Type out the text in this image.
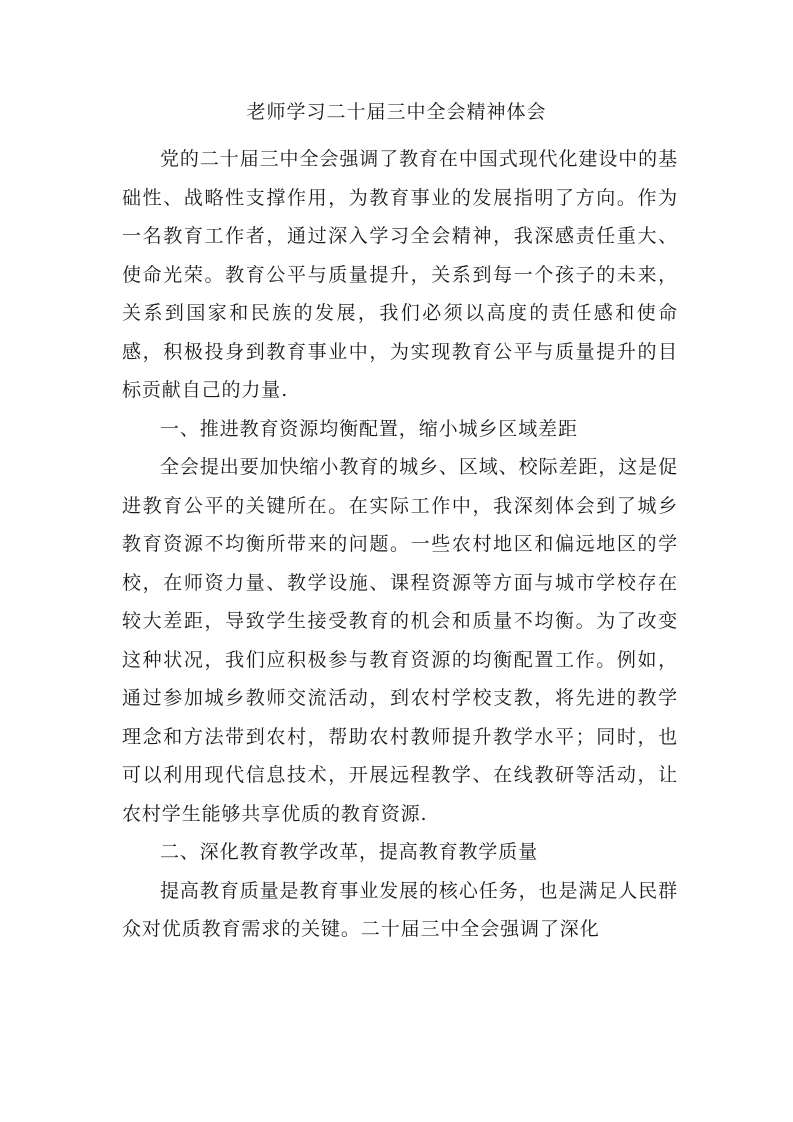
老师学习二十届三中全会精神体会

党的二十届三中全会强调了教育在中国式现代化建设中的基础性、战略性支撑作用，为教育事业的发展指明了方向。作为一名教育工作者，通过深入学习全会精神，我深感责任重大、使命光荣。教育公平与质量提升，关系到每一个孩子的未来，关系到国家和民族的发展，我们必须以高度的责任感和使命感，积极投身到教育事业中，为实现教育公平与质量提升的目标贡献自己的力量.

一、推进教育资源均衡配置，缩小城乡区域差距

全会提出要加快缩小教育的城乡、区域、校际差距，这是促进教育公平的关键所在。在实际工作中，我深刻体会到了城乡教育资源不均衡所带来的问题。一些农村地区和偏远地区的学校，在师资力量、教学设施、课程资源等方面与城市学校存在较大差距，导致学生接受教育的机会和质量不均衡。为了改变这种状况，我们应积极参与教育资源的均衡配置工作。例如，通过参加城乡教师交流活动，到农村学校支教，将先进的教学理念和方法带到农村，帮助农村教师提升教学水平；同时，也可以利用现代信息技术，开展远程教学、在线教研等活动，让农村学生能够共享优质的教育资源.

二、深化教育教学改革，提高教育教学质量

提高教育质量是教育事业发展的核心任务，也是满足人民群众对优质教育需求的关键。二十届三中全会强调了深化
